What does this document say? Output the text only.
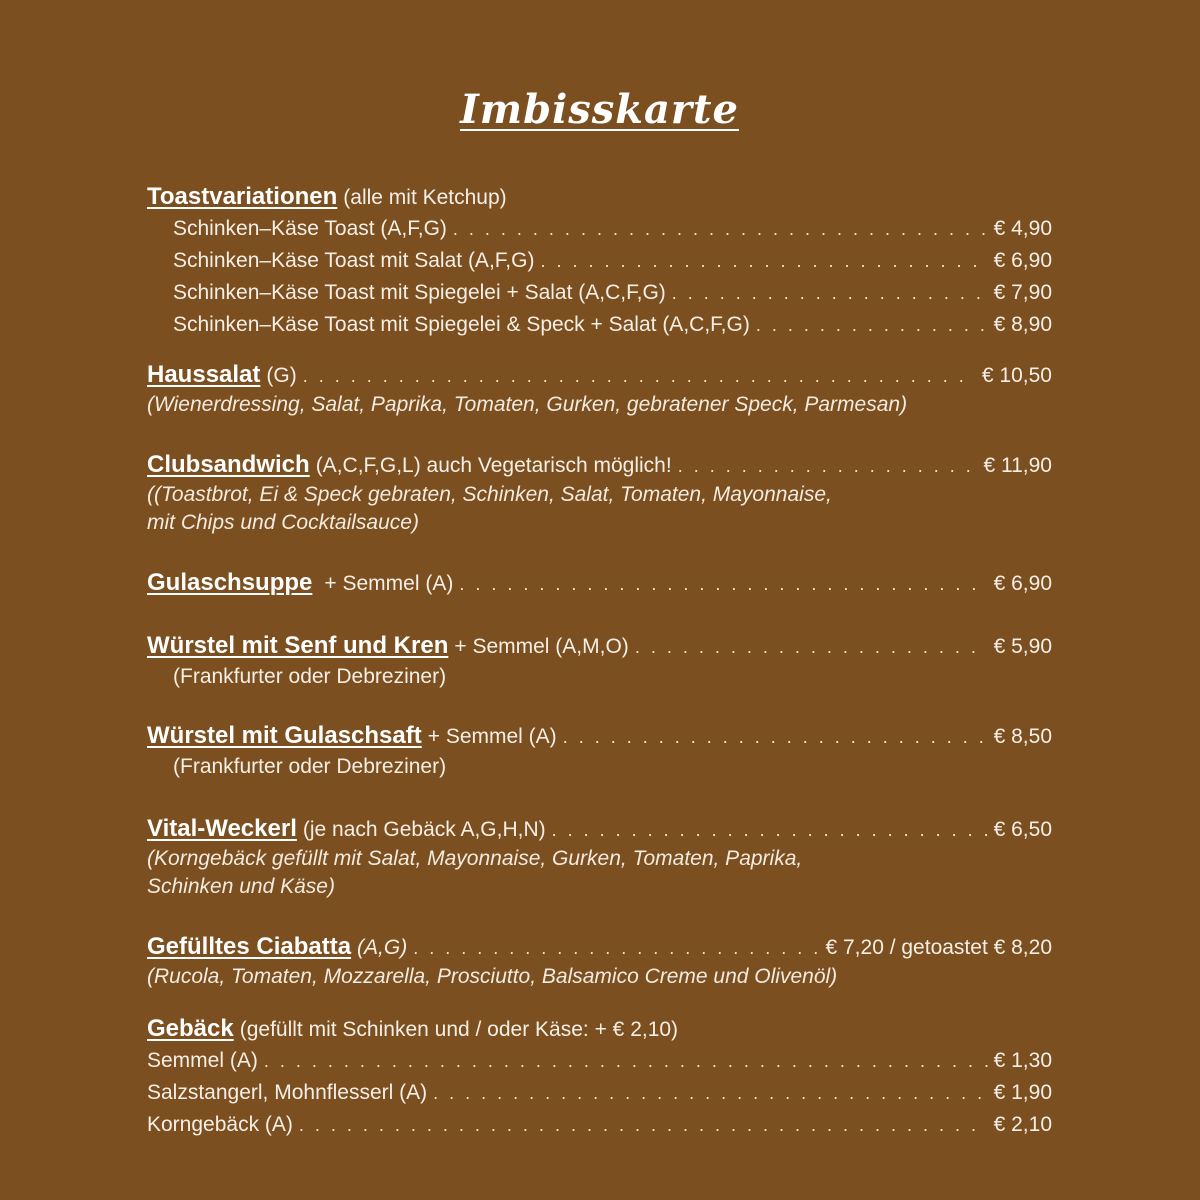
Imbisskarte
Toastvariationen (alle mit Ketchup)
Schinken–Käse Toast (A,F,G) . . .	€ 4,90
Schinken–Käse Toast mit Salat (A,F,G) . . .	€ 6,90
Schinken–Käse Toast mit Spiegelei + Salat (A,C,F,G) . . .	€ 7,90
Schinken–Käse Toast mit Spiegelei & Speck + Salat (A,C,F,G) . . .	€ 8,90
Haussalat (G) . . .	€ 10,50
(Wienerdressing, Salat, Paprika, Tomaten, Gurken, gebratener Speck, Parmesan)
Clubsandwich (A,C,F,G,L) auch Vegetarisch möglich! . . .	€ 11,90
((Toastbrot, Ei & Speck gebraten, Schinken, Salat, Tomaten, Mayonnaise,
mit Chips und Cocktailsauce)
Gulaschsuppe + Semmel (A) . . .	€ 6,90
Würstel mit Senf und Kren + Semmel (A,M,O) . . .	€ 5,90
(Frankfurter oder Debreziner)
Würstel mit Gulaschsaft + Semmel (A) . . .	€ 8,50
(Frankfurter oder Debreziner)
Vital-Weckerl (je nach Gebäck A,G,H,N) . . .	€ 6,50
(Korngebäck gefüllt mit Salat, Mayonnaise, Gurken, Tomaten, Paprika,
Schinken und Käse)
Gefülltes Ciabatta (A,G) . . .	€ 7,20 / getoastet € 8,20
(Rucola, Tomaten, Mozzarella, Prosciutto, Balsamico Creme und Olivenöl)
Gebäck (gefüllt mit Schinken und / oder Käse: + € 2,10)
Semmel (A) . . .	€ 1,30
Salzstangerl, Mohnflesserl (A) . . .	€ 1,90
Korngebäck (A) . . .	€ 2,10
